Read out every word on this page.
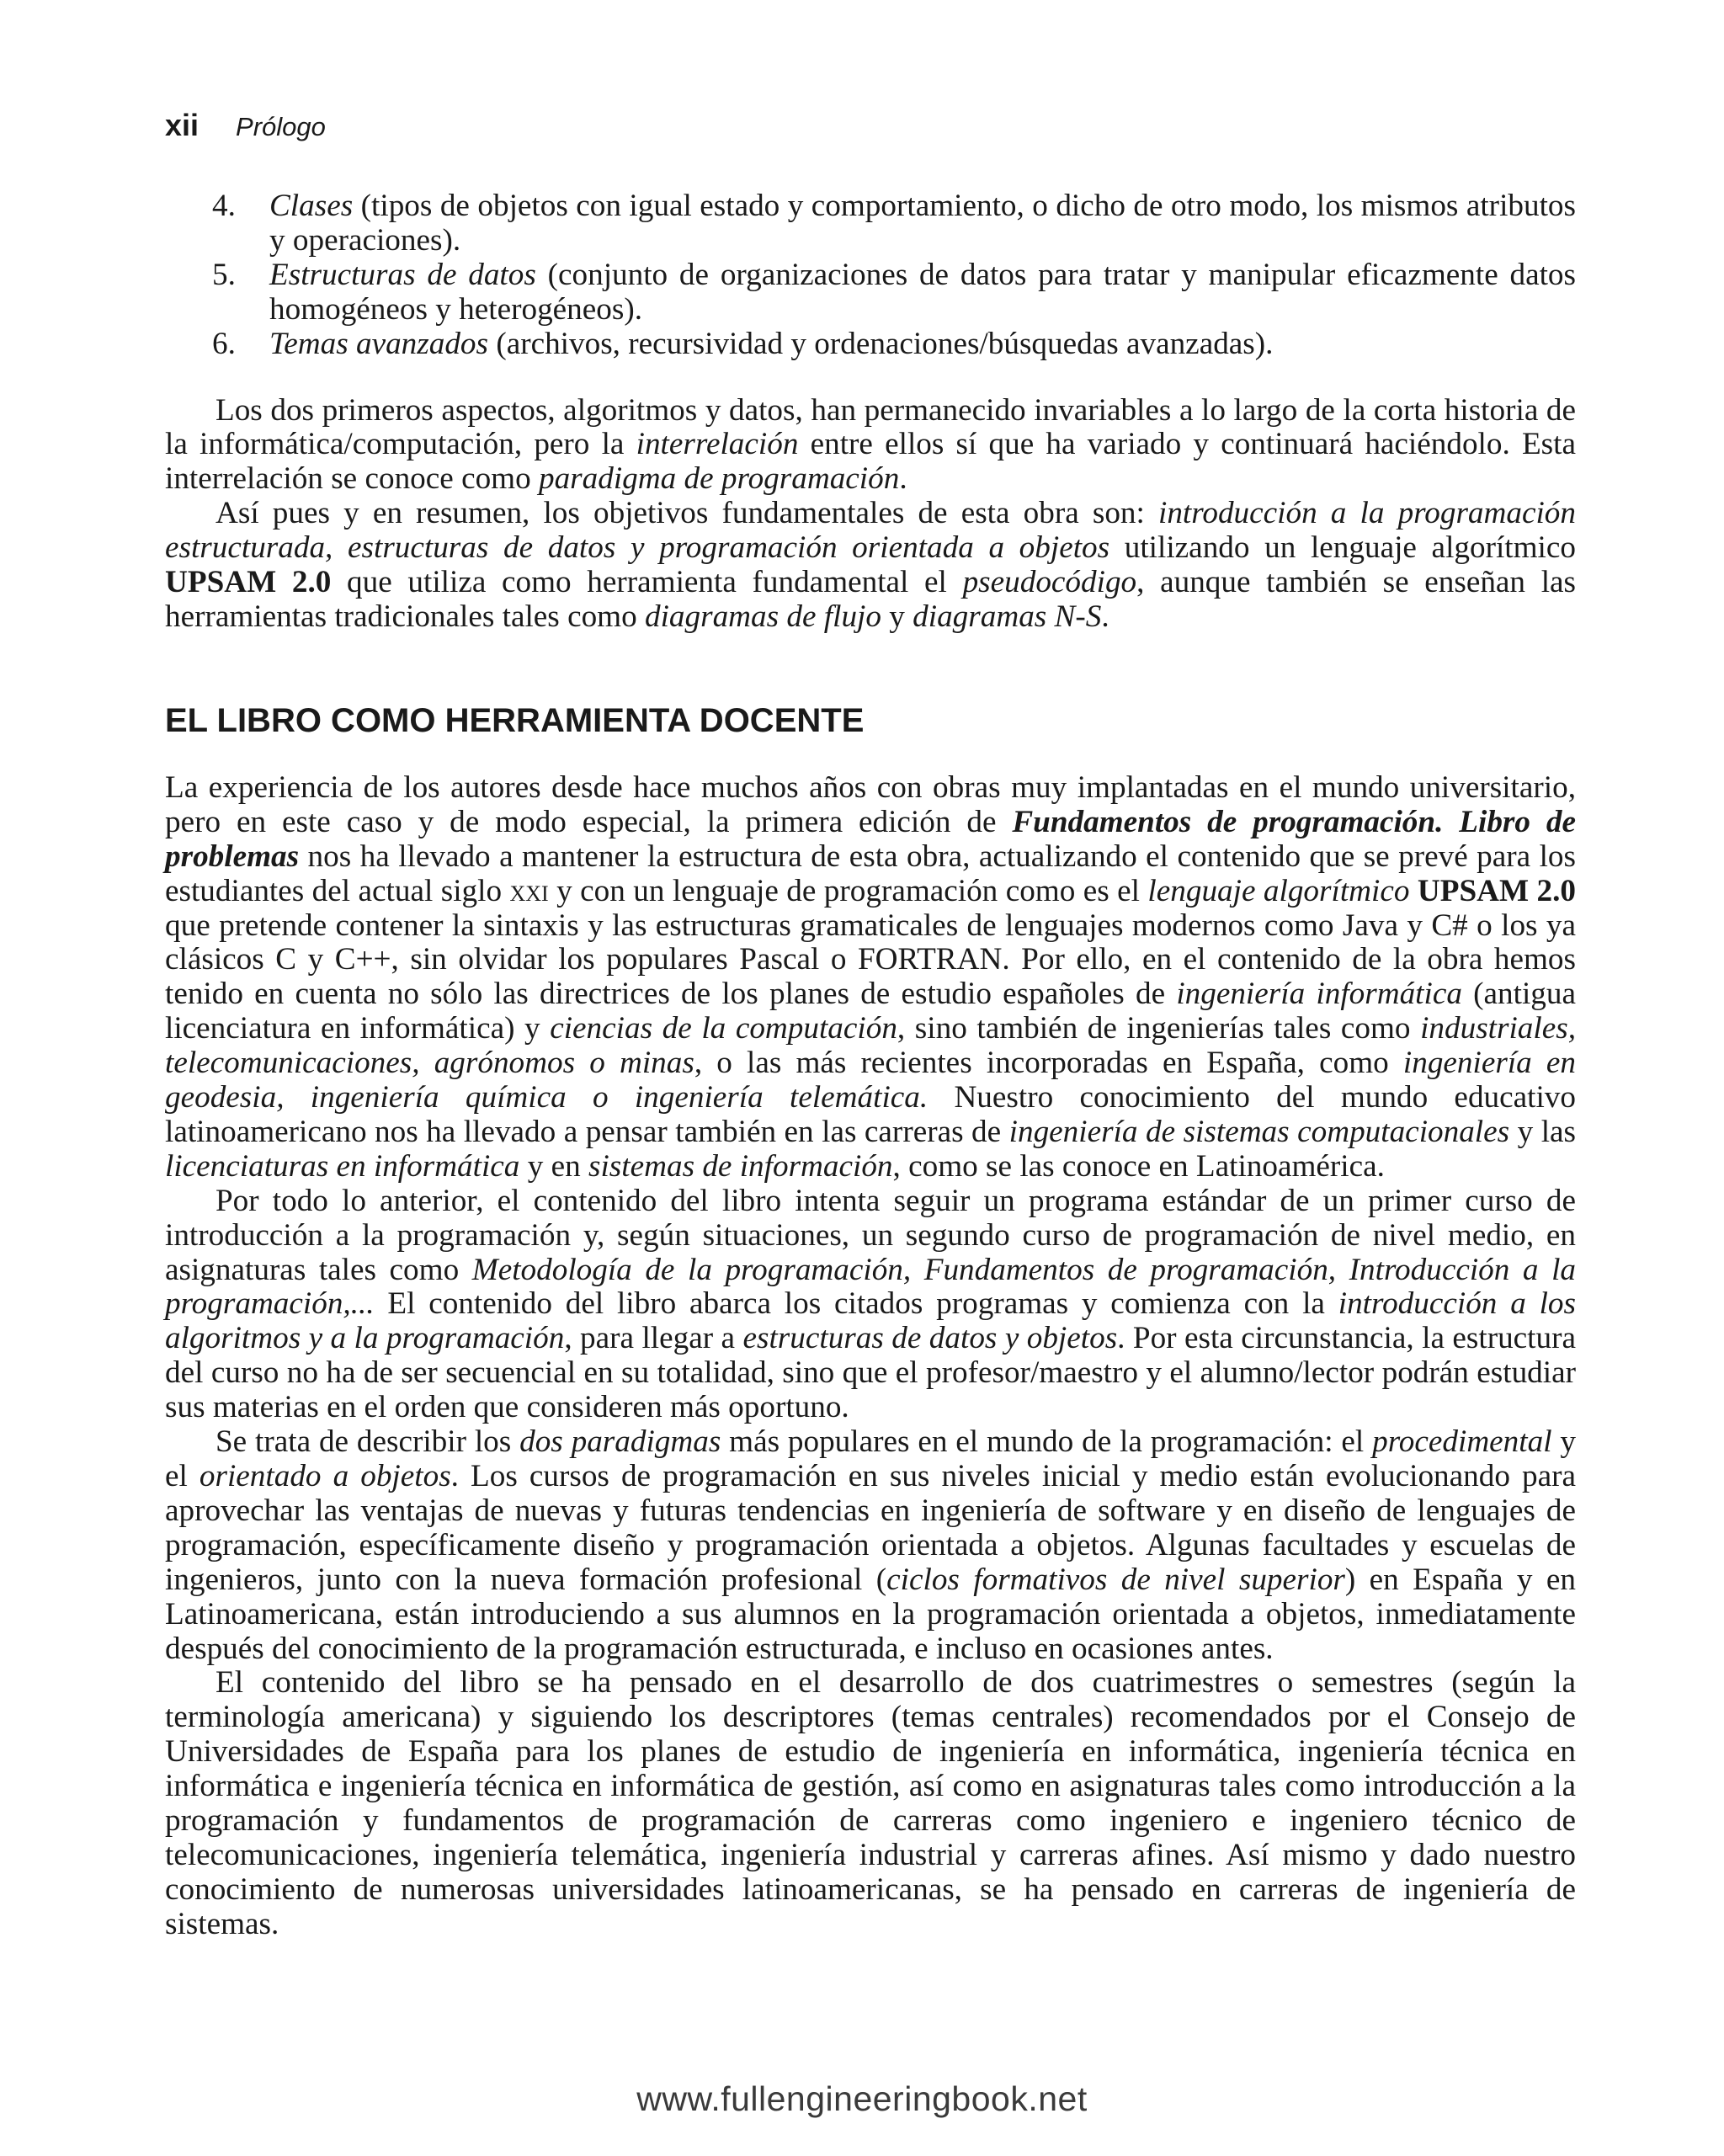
xii Prólogo
4. Clases (tipos de objetos con igual estado y comportamiento, o dicho de otro modo, los mismos atributos y operaciones).
5. Estructuras de datos (conjunto de organizaciones de datos para tratar y manipular eficazmente datos homogéneos y heterogéneos).
6. Temas avanzados (archivos, recursividad y ordenaciones/búsquedas avanzadas).

Los dos primeros aspectos, algoritmos y datos, han permanecido invariables a lo largo de la corta historia de la informática/computación, pero la interrelación entre ellos sí que ha variado y continuará haciéndolo. Esta interrelación se conoce como paradigma de programación.

Así pues y en resumen, los objetivos fundamentales de esta obra son: introducción a la programación estructurada, estructuras de datos y programación orientada a objetos utilizando un lenguaje algorítmico UPSAM 2.0 que utiliza como herramienta fundamental el pseudocódigo, aunque también se enseñan las herramientas tradicionales tales como diagramas de flujo y diagramas N-S.

EL LIBRO COMO HERRAMIENTA DOCENTE

La experiencia de los autores desde hace muchos años con obras muy implantadas en el mundo universitario, pero en este caso y de modo especial, la primera edición de Fundamentos de programación. Libro de problemas nos ha llevado a mantener la estructura de esta obra, actualizando el contenido que se prevé para los estudiantes del actual siglo xxi y con un lenguaje de programación como es el lenguaje algorítmico UPSAM 2.0 que pretende contener la sintaxis y las estructuras gramaticales de lenguajes modernos como Java y C# o los ya clásicos C y C++, sin olvidar los populares Pascal o FORTRAN. Por ello, en el contenido de la obra hemos tenido en cuenta no sólo las directrices de los planes de estudio españoles de ingeniería informática (antigua licenciatura en informática) y ciencias de la computación, sino también de ingenierías tales como industriales, telecomunicaciones, agrónomos o minas, o las más recientes incorporadas en España, como ingeniería en geodesia, ingeniería química o ingeniería telemática. Nuestro conocimiento del mundo educativo latinoamericano nos ha llevado a pensar también en las carreras de ingeniería de sistemas computacionales y las licenciaturas en informática y en sistemas de información, como se las conoce en Latinoamérica.

Por todo lo anterior, el contenido del libro intenta seguir un programa estándar de un primer curso de introducción a la programación y, según situaciones, un segundo curso de programación de nivel medio, en asignaturas tales como Metodología de la programación, Fundamentos de programación, Introducción a la programación,... El contenido del libro abarca los citados programas y comienza con la introducción a los algoritmos y a la programación, para llegar a estructuras de datos y objetos. Por esta circunstancia, la estructura del curso no ha de ser secuencial en su totalidad, sino que el profesor/maestro y el alumno/lector podrán estudiar sus materias en el orden que consideren más oportuno.

Se trata de describir los dos paradigmas más populares en el mundo de la programación: el procedimental y el orientado a objetos. Los cursos de programación en sus niveles inicial y medio están evolucionando para aprovechar las ventajas de nuevas y futuras tendencias en ingeniería de software y en diseño de lenguajes de programación, específicamente diseño y programación orientada a objetos. Algunas facultades y escuelas de ingenieros, junto con la nueva formación profesional (ciclos formativos de nivel superior) en España y en Latinoamericana, están introduciendo a sus alumnos en la programación orientada a objetos, inmediatamente después del conocimiento de la programación estructurada, e incluso en ocasiones antes.

El contenido del libro se ha pensado en el desarrollo de dos cuatrimestres o semestres (según la terminología americana) y siguiendo los descriptores (temas centrales) recomendados por el Consejo de Universidades de España para los planes de estudio de ingeniería en informática, ingeniería técnica en informática e ingeniería técnica en informática de gestión, así como en asignaturas tales como introducción a la programación y fundamentos de programación de carreras como ingeniero e ingeniero técnico de telecomunicaciones, ingeniería telemática, ingeniería industrial y carreras afines. Así mismo y dado nuestro conocimiento de numerosas universidades latinoamericanas, se ha pensado en carreras de ingeniería de sistemas.

www.fullengineeringbook.net
